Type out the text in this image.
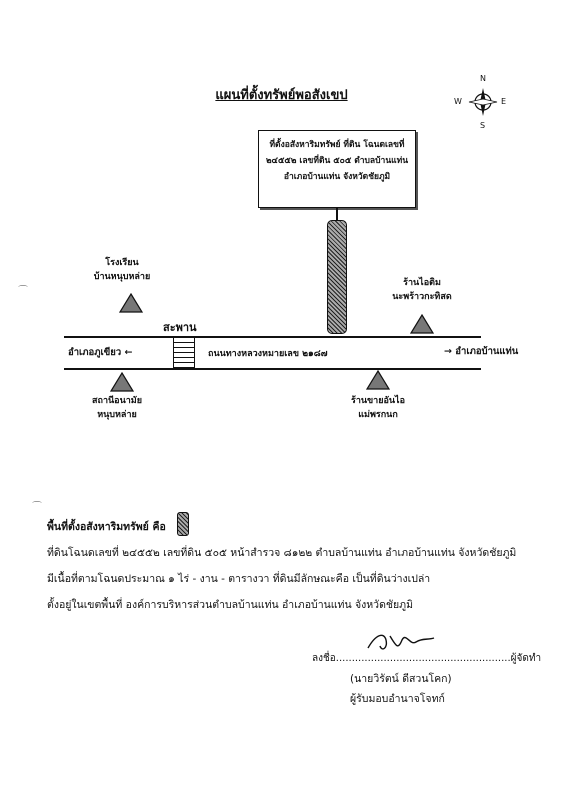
แผนที่ตั้งทรัพย์พอสังเขป
N
S
E
W
ที่ตั้งอสังหาริมทรัพย์ ที่ดิน โฉนดเลขที่
๒๔๕๕๒ เลขที่ดิน ๕๐๕ ตำบลบ้านแท่น
อำเภอบ้านแท่น จังหวัดชัยภูมิ
ถนนทางหลวงหมายเลข ๒๑๘๗
อำเภอภูเขียว ←	→ อำเภอบ้านแท่น
สะพาน
โรงเรียน
บ้านหนุบหล่าย
ร้านไอติม
นะพร้าวกะทิสด
สถานีอนามัย
หนุบหล่าย
ร้านขายอันไอ
แม่พรกนก
⌒
⌒
พื้นที่ตั้งอสังหาริมทรัพย์ คือ
ที่ดินโฉนดเลขที่ ๒๔๕๕๒ เลขที่ดิน ๕๐๕ หน้าสำรวจ ๘๑๒๒ ตำบลบ้านแท่น อำเภอบ้านแท่น จังหวัดชัยภูมิ
มีเนื้อที่ตามโฉนดประมาณ ๑ ไร่ - งาน - ตารางวา ที่ดินมีลักษณะคือ เป็นที่ดินว่างเปล่า
ตั้งอยู่ในเขตพื้นที่ องค์การบริหารส่วนตำบลบ้านแท่น อำเภอบ้านแท่น จังหวัดชัยภูมิ
ลงชื่อ.......................................................ผู้จัดทำ
(นายวิรัตน์ ดีสวนโคก)
ผู้รับมอบอำนาจโจทก์
